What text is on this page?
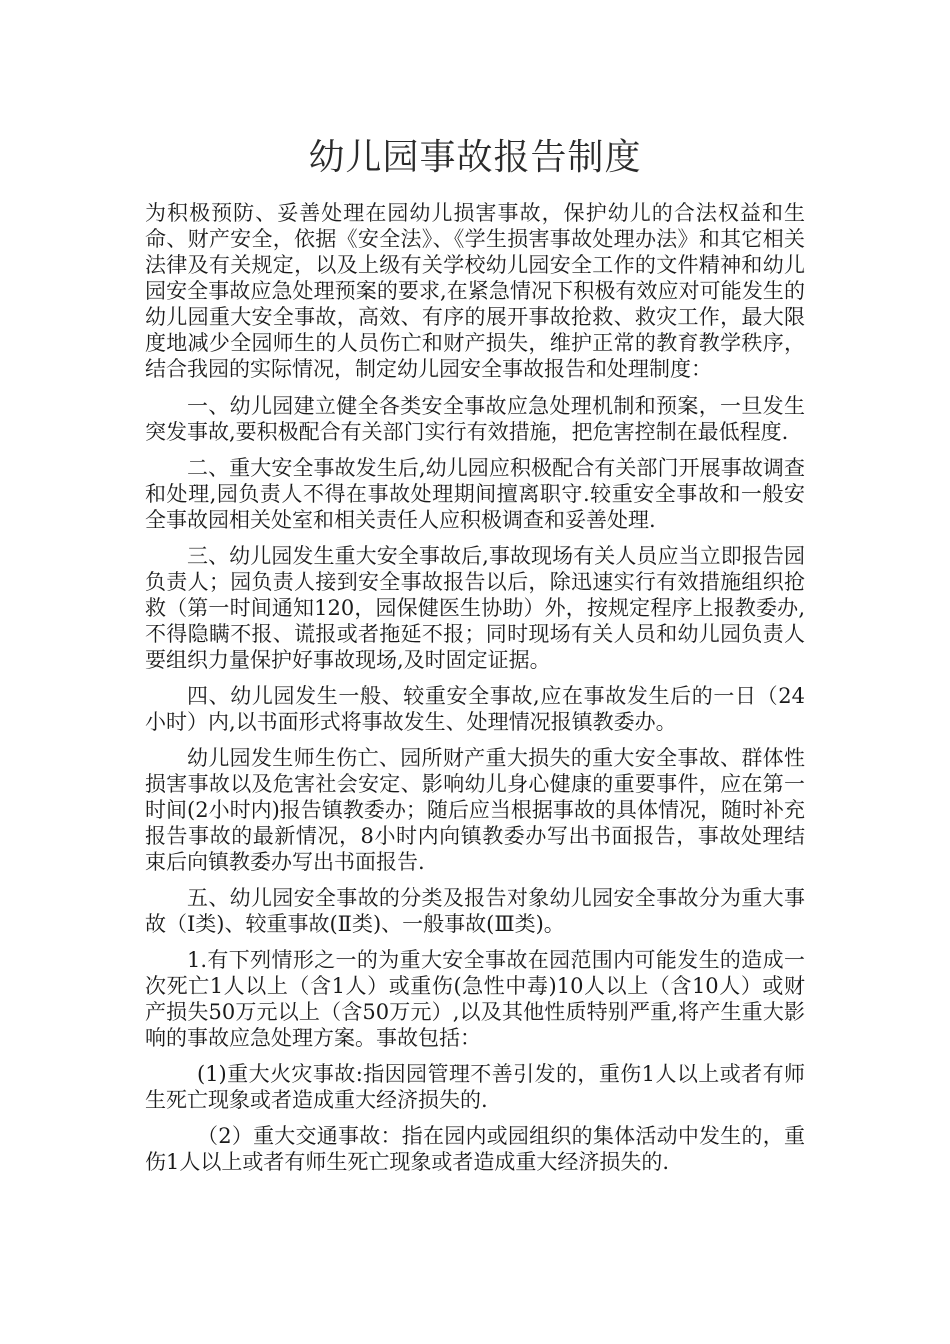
幼儿园事故报告制度

为积极预防、妥善处理在园幼儿损害事故，保护幼儿的合法权益和生命、财产安全，依据《安全法》、《学生损害事故处理办法》和其它相关法律及有关规定，以及上级有关学校幼儿园安全工作的文件精神和幼儿园安全事故应急处理预案的要求,在紧急情况下积极有效应对可能发生的幼儿园重大安全事故，高效、有序的展开事故抢救、救灾工作，最大限度地减少全园师生的人员伤亡和财产损失，维护正常的教育教学秩序，结合我园的实际情况，制定幼儿园安全事故报告和处理制度：

一、幼儿园建立健全各类安全事故应急处理机制和预案，一旦发生突发事故,要积极配合有关部门实行有效措施，把危害控制在最低程度.

二、重大安全事故发生后,幼儿园应积极配合有关部门开展事故调查和处理,园负责人不得在事故处理期间擅离职守.较重安全事故和一般安全事故园相关处室和相关责任人应积极调查和妥善处理.

三、幼儿园发生重大安全事故后,事故现场有关人员应当立即报告园负责人；园负责人接到安全事故报告以后，除迅速实行有效措施组织抢救（第一时间通知120，园保健医生协助）外，按规定程序上报教委办,不得隐瞒不报、谎报或者拖延不报；同时现场有关人员和幼儿园负责人要组织力量保护好事故现场,及时固定证据。

四、幼儿园发生一般、较重安全事故,应在事故发生后的一日（24小时）内,以书面形式将事故发生、处理情况报镇教委办。

幼儿园发生师生伤亡、园所财产重大损失的重大安全事故、群体性损害事故以及危害社会安定、影响幼儿身心健康的重要事件，应在第一时间(2小时内)报告镇教委办；随后应当根据事故的具体情况，随时补充报告事故的最新情况，8小时内向镇教委办写出书面报告，事故处理结束后向镇教委办写出书面报告.

五、幼儿园安全事故的分类及报告对象幼儿园安全事故分为重大事故（Ⅰ类)、较重事故(Ⅱ类)、一般事故(Ⅲ类)。

1.有下列情形之一的为重大安全事故在园范围内可能发生的造成一次死亡1人以上（含1人）或重伤(急性中毒)10人以上（含10人）或财产损失50万元以上（含50万元）,以及其他性质特别严重,将产生重大影响的事故应急处理方案。事故包括：

(1)重大火灾事故:指因园管理不善引发的，重伤1人以上或者有师生死亡现象或者造成重大经济损失的.

（2）重大交通事故：指在园内或园组织的集体活动中发生的，重伤1人以上或者有师生死亡现象或者造成重大经济损失的.
